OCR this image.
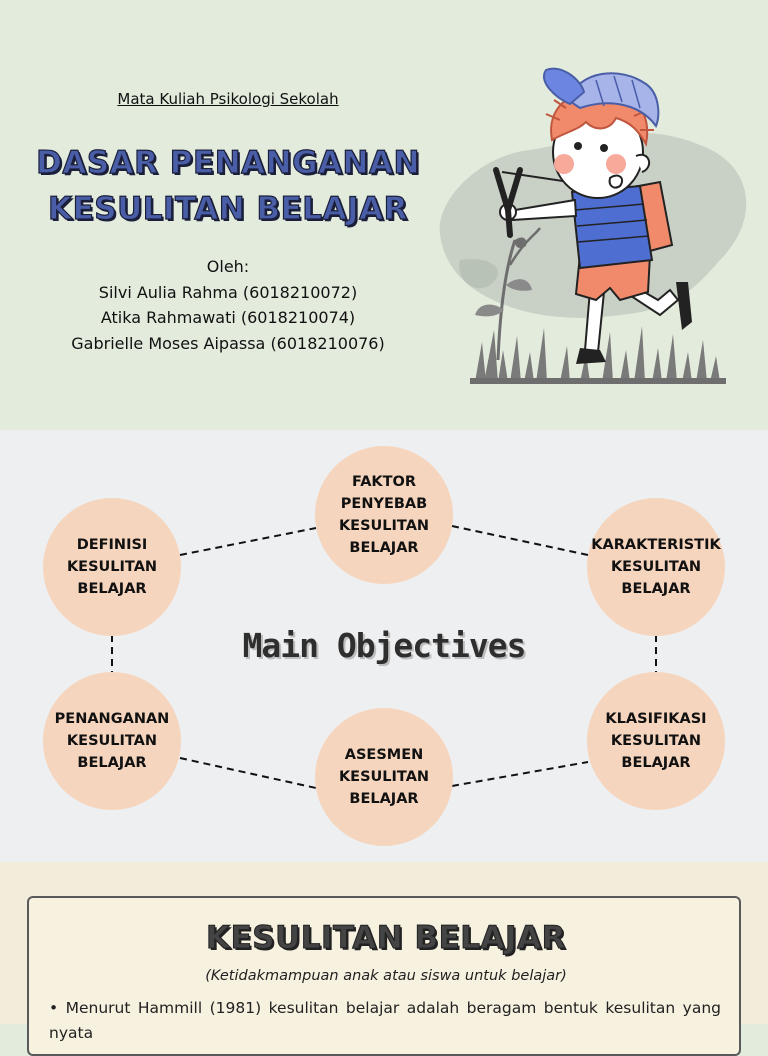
Mata Kuliah Psikologi Sekolah
DASAR PENANGANAN
KESULITAN BELAJAR
Oleh:
Silvi Aulia Rahma (6018210072)
Atika Rahmawati (6018210074)
Gabrielle Moses Aipassa (6018210076)
FAKTOR
PENYEBAB
KESULITAN
BELAJAR
DEFINISI
KESULITAN
BELAJAR
KARAKTERISTIK
KESULITAN
BELAJAR
Main Objectives
PENANGANAN
KESULITAN
BELAJAR	ASESMEN
KESULITAN
BELAJAR
KLASIFIKASI
KESULITAN
BELAJAR
KESULITAN BELAJAR
(Ketidakmampuan anak atau siswa untuk belajar)
• Menurut Hammill (1981) kesulitan belajar adalah beragam bentuk kesulitan yang nyata
